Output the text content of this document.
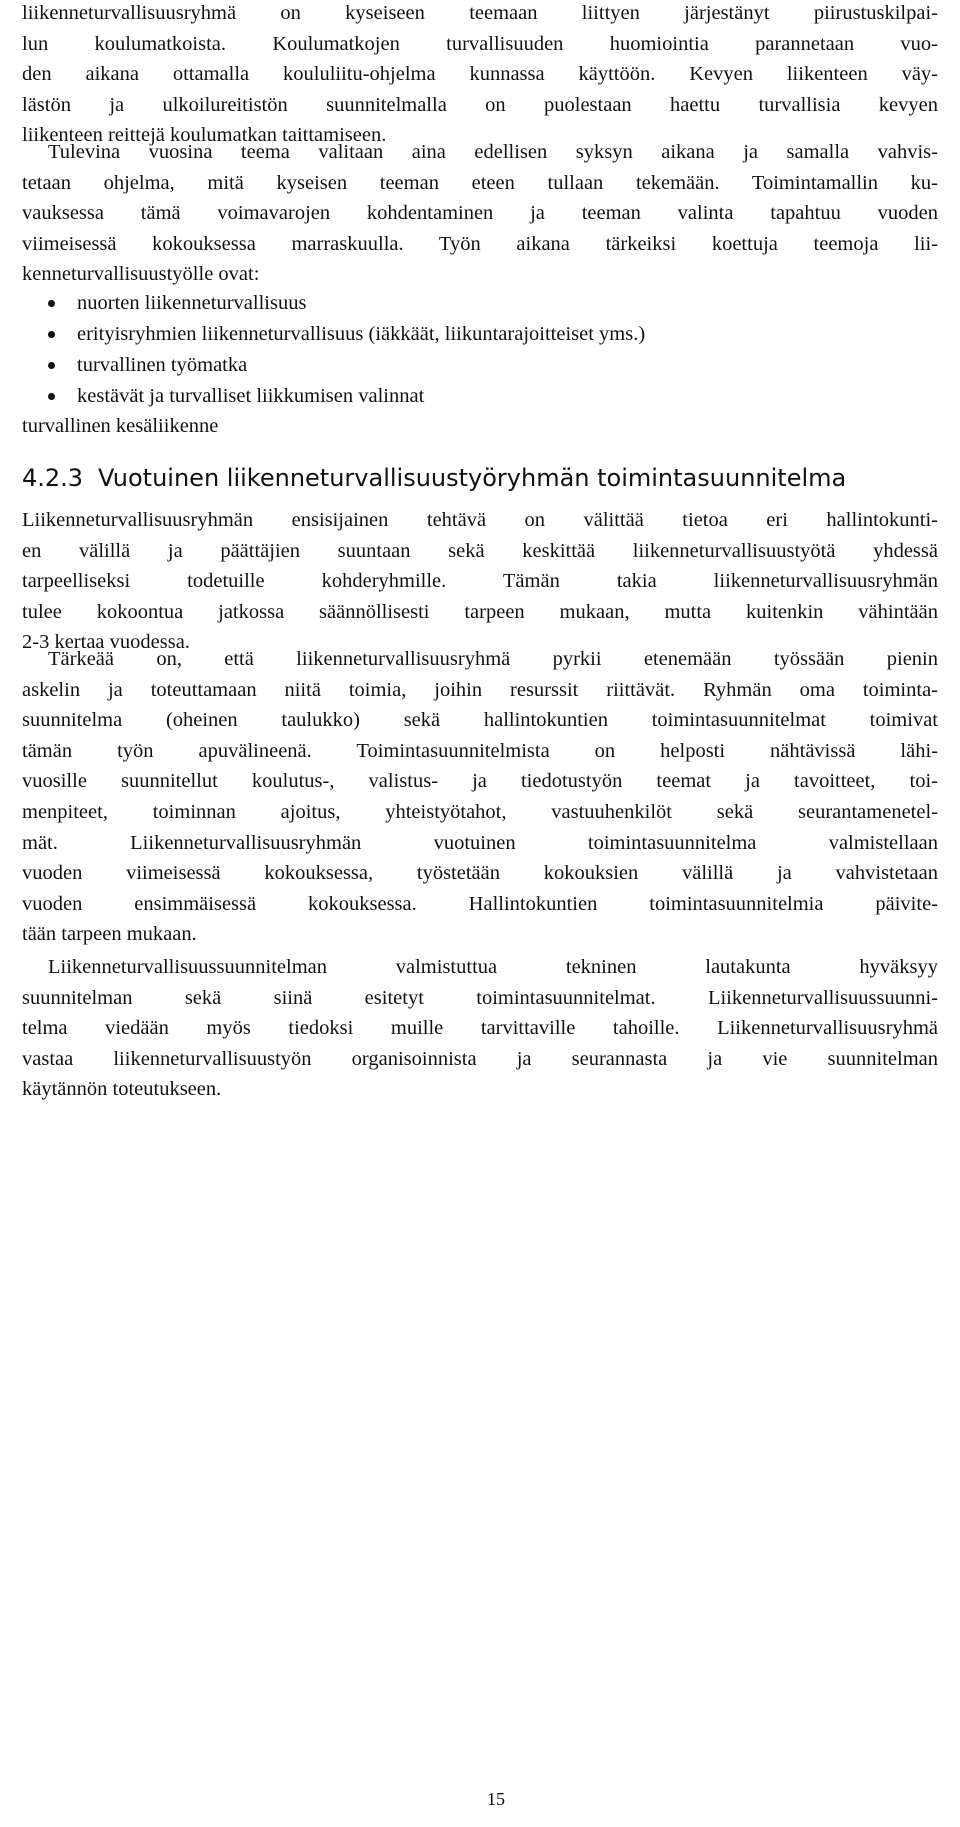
liikenneturvallisuusryhmä on kyseiseen teemaan liittyen järjestänyt piirustuskilpai-
lun koulumatkoista. Koulumatkojen turvallisuuden huomiointia parannetaan vuo-
den aikana ottamalla koululiitu-ohjelma kunnassa käyttöön. Kevyen liikenteen väy-
lästön ja ulkoilureitistön suunnitelmalla on puolestaan haettu turvallisia kevyen
liikenteen reittejä koulumatkan taittamiseen.
Tulevina vuosina teema valitaan aina edellisen syksyn aikana ja samalla vahvis-
tetaan ohjelma, mitä kyseisen teeman eteen tullaan tekemään. Toimintamallin ku-
vauksessa tämä voimavarojen kohdentaminen ja teeman valinta tapahtuu vuoden
viimeisessä kokouksessa marraskuulla. Työn aikana tärkeiksi koettuja teemoja lii-
kenneturvallisuustyölle ovat:
nuorten liikenneturvallisuus
erityisryhmien liikenneturvallisuus (iäkkäät, liikuntarajoitteiset yms.)
turvallinen työmatka
kestävät ja turvalliset liikkumisen valinnat
turvallinen kesäliikenne
4.2.3 Vuotuinen liikenneturvallisuustyöryhmän toimintasuunnitelma
Liikenneturvallisuusryhmän ensisijainen tehtävä on välittää tietoa eri hallintokunti-
en välillä ja päättäjien suuntaan sekä keskittää liikenneturvallisuustyötä yhdessä
tarpeelliseksi todetuille kohderyhmille. Tämän takia liikenneturvallisuusryhmän
tulee kokoontua jatkossa säännöllisesti tarpeen mukaan, mutta kuitenkin vähintään
2-3 kertaa vuodessa.
Tärkeää on, että liikenneturvallisuusryhmä pyrkii etenemään työssään pienin
askelin ja toteuttamaan niitä toimia, joihin resurssit riittävät. Ryhmän oma toiminta-
suunnitelma (oheinen taulukko) sekä hallintokuntien toimintasuunnitelmat toimivat
tämän työn apuvälineenä. Toimintasuunnitelmista on helposti nähtävissä lähi-
vuosille suunnitellut koulutus-, valistus- ja tiedotustyön teemat ja tavoitteet, toi-
menpiteet, toiminnan ajoitus, yhteistyötahot, vastuuhenkilöt sekä seurantamenetel-
mät. Liikenneturvallisuusryhmän vuotuinen toimintasuunnitelma valmistellaan
vuoden viimeisessä kokouksessa, työstetään kokouksien välillä ja vahvistetaan
vuoden ensimmäisessä kokouksessa. Hallintokuntien toimintasuunnitelmia päivite-
tään tarpeen mukaan.
Liikenneturvallisuussuunnitelman valmistuttua tekninen lautakunta hyväksyy
suunnitelman sekä siinä esitetyt toimintasuunnitelmat. Liikenneturvallisuussuunni-
telma viedään myös tiedoksi muille tarvittaville tahoille. Liikenneturvallisuusryhmä
vastaa liikenneturvallisuustyön organisoinnista ja seurannasta ja vie suunnitelman
käytännön toteutukseen.
15
